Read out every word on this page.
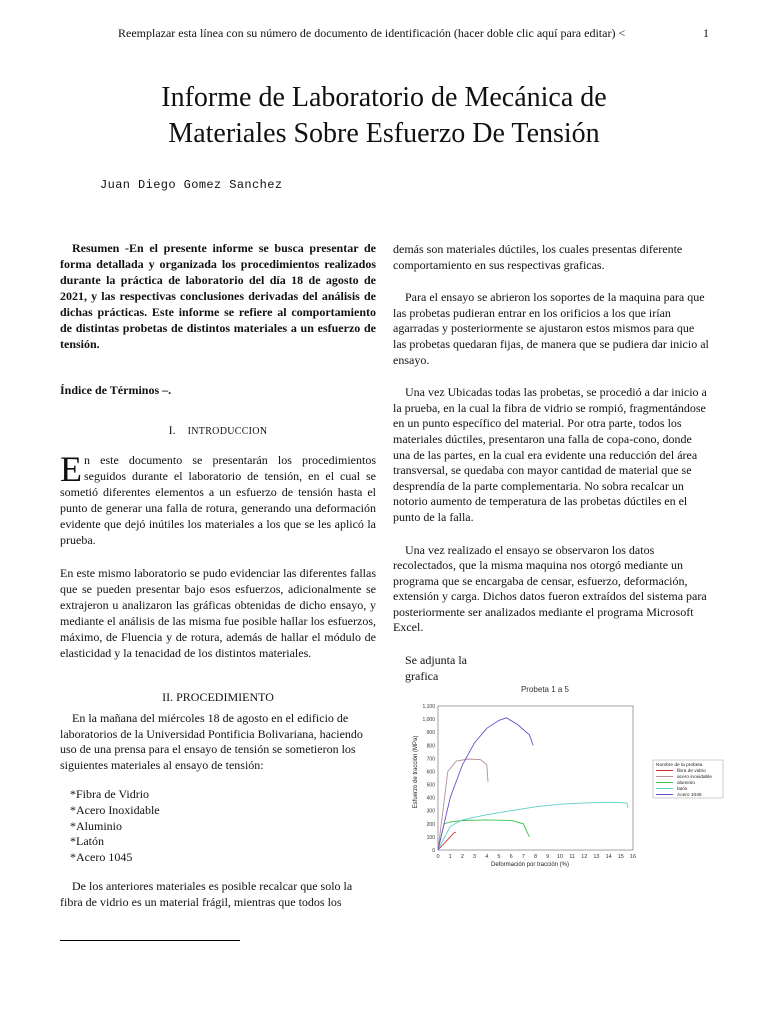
Reemplazar esta línea con su número de documento de identificación (hacer doble clic aquí para editar) <	1
Informe de Laboratorio de Mecánica de
Materiales Sobre Esfuerzo De Tensión
Juan Diego Gomez Sanchez

Resumen -En el presente informe se busca presentar de forma detallada y organizada los procedimientos realizados durante la práctica de laboratorio del día 18 de agosto de 2021, y las respectivas conclusiones derivadas del análisis de dichas prácticas. Este informe se refiere al comportamiento de distintas probetas de distintos materiales a un esfuerzo de tensión.

Índice de Términos –.

I. INTRODUCCION

En este documento se presentarán los procedimientos seguidos durante el laboratorio de tensión, en el cual se sometió diferentes elementos a un esfuerzo de tensión hasta el punto de generar una falla de rotura, generando una deformación evidente que dejó inútiles los materiales a los que se les aplicó la prueba.

En este mismo laboratorio se pudo evidenciar las diferentes fallas que se pueden presentar bajo esos esfuerzos, adicionalmente se extrajeron u analizaron las gráficas obtenidas de dicho ensayo, y mediante el análisis de las misma fue posible hallar los esfuerzos, máximo, de Fluencia y de rotura, además de hallar el módulo de elasticidad y la tenacidad de los distintos materiales.

II. PROCEDIMIENTO

En la mañana del miércoles 18 de agosto en el edificio de laboratorios de la Universidad Pontificia Bolivariana, haciendo uso de una prensa para el ensayo de tensión se sometieron los siguientes materiales al ensayo de tensión:

*Fibra de Vidrio
*Acero Inoxidable
*Aluminio
*Latón
*Acero 1045

De los anteriores materiales es posible recalcar que solo la fibra de vidrio es un material frágil, mientras que todos los

demás son materiales dúctiles, los cuales presentas diferente comportamiento en sus respectivas graficas.

Para el ensayo se abrieron los soportes de la maquina para que las probetas pudieran entrar en los orificios a los que irían agarradas y posteriormente se ajustaron estos mismos para que las probetas quedaran fijas, de manera que se pudiera dar inicio al ensayo.

Una vez Ubicadas todas las probetas, se procedió a dar inicio a la prueba, en la cual la fibra de vidrio se rompió, fragmentándose en un punto específico del material. Por otra parte, todos los materiales dúctiles, presentaron una falla de copa-cono, donde una de las partes, en la cual era evidente una reducción del área transversal, se quedaba con mayor cantidad de material que se desprendía de la parte complementaria. No sobra recalcar un notorio aumento de temperatura de las probetas dúctiles en el punto de la falla.

Una vez realizado el ensayo se observaron los datos recolectados, que la misma maquina nos otorgó mediante un programa que se encargaba de censar, esfuerzo, deformación, extensión y carga. Dichos datos fueron extraídos del sistema para posteriormente ser analizados mediante el programa Microsoft Excel.

Se adjunta la
grafica
Probeta 1 a 5
0 1 2 3 4 5 6 7 8 9 10 11 12 13 14 15 16
0
100
200
300
400
500
600
700
800
900
1,000
1,100
Deformación por tracción (%)
Esfuerzo de tracción (MPa)	Nombre de la probeta
fibra de vidrio
acero inoxidable
aluminio
latón
Acero 1045
